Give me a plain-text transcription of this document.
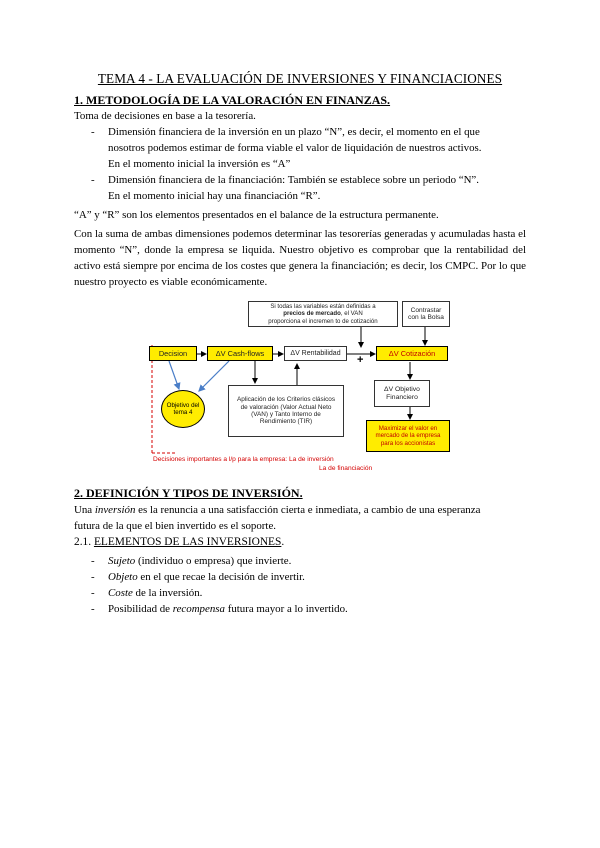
TEMA 4 - LA EVALUACIÓN DE INVERSIONES Y FINANCIACIONES
1. METODOLOGÍA DE LA VALORACIÓN EN FINANZAS.
Toma de decisiones en base a la tesorería.
- Dimensión financiera de la inversión en un plazo “N”, es decir, el momento en el que
nosotros podemos estimar de forma viable el valor de liquidación de nuestros activos.
En el momento inicial la inversión es “A”
- Dimensión financiera de la financiación: También se establece sobre un periodo “N”.
En el momento inicial hay una financiación “R”.
“A” y “R” son los elementos presentados en el balance de la estructura permanente.
Con la suma de ambas dimensiones podemos determinar las tesorerías generadas y acumuladas hasta el momento “N”, donde la empresa se liquida. Nuestro objetivo es comprobar que la rentabilidad del activo está siempre por encima de los costes que genera la financiación; es decir, los CMPC. Por lo que nuestro proyecto es viable económicamente.
Si todas las variables están definidas a
precios de mercado, el VAN
proporciona el incremen to de cotización
Contrastar con la Bolsa
Decision	ΔV Cash-flows	ΔV Rentabilidad
+
ΔV Cotización
Objetivo del tema 4
Aplicación de los Criterios clásicos de valoración (Valor Actual Neto (VAN) y Tanto Interno de Rendimiento (TIR)
ΔV Objetivo Financiero
Maximizar el valor en mercado de la empresa para los accionistas
Decisiones importantes a l/p para la empresa: La de inversión
La de financiación
2. DEFINICIÓN Y TIPOS DE INVERSIÓN.
Una inversión es la renuncia a una satisfacción cierta e inmediata, a cambio de una esperanza
futura de la que el bien invertido es el soporte.
2.1. ELEMENTOS DE LAS INVERSIONES.
- Sujeto (individuo o empresa) que invierte.
- Objeto en el que recae la decisión de invertir.
- Coste de la inversión.
- Posibilidad de recompensa futura mayor a lo invertido.
